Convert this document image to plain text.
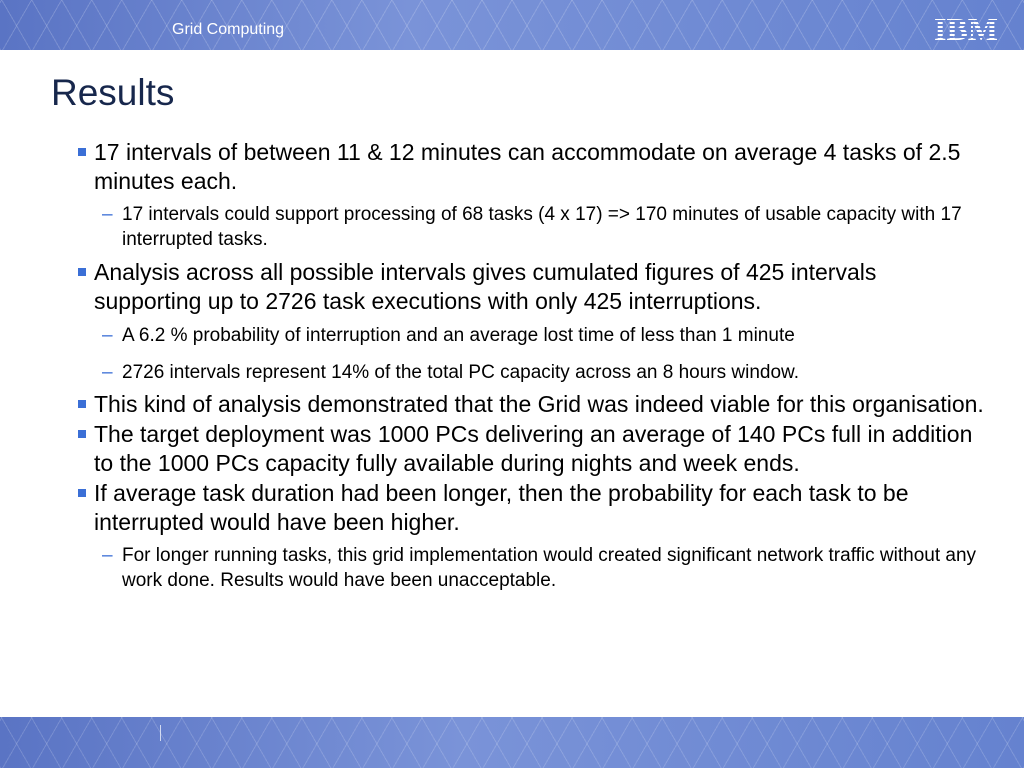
Grid Computing	IBM
Results
17 intervals of between 11 & 12 minutes can accommodate on average 4 tasks of 2.5 minutes each.
– 17 intervals could support processing of 68 tasks (4 x 17) => 170 minutes of usable capacity with 17 interrupted tasks.
Analysis across all possible intervals gives cumulated figures of 425 intervals supporting up to 2726 task executions with only 425 interruptions.
– A 6.2 % probability of interruption and an average lost time of less than 1 minute
– 2726 intervals represent 14% of the total PC capacity across an 8 hours window.
This kind of analysis demonstrated that the Grid was indeed viable for this organisation.
The target deployment was 1000 PCs delivering an average of 140 PCs full in addition to the 1000 PCs capacity fully available during nights and week ends.
If average task duration had been longer, then the probability for each task to be interrupted would have been higher.
– For longer running tasks, this grid implementation would created significant network traffic without any work done. Results would have been unacceptable.
